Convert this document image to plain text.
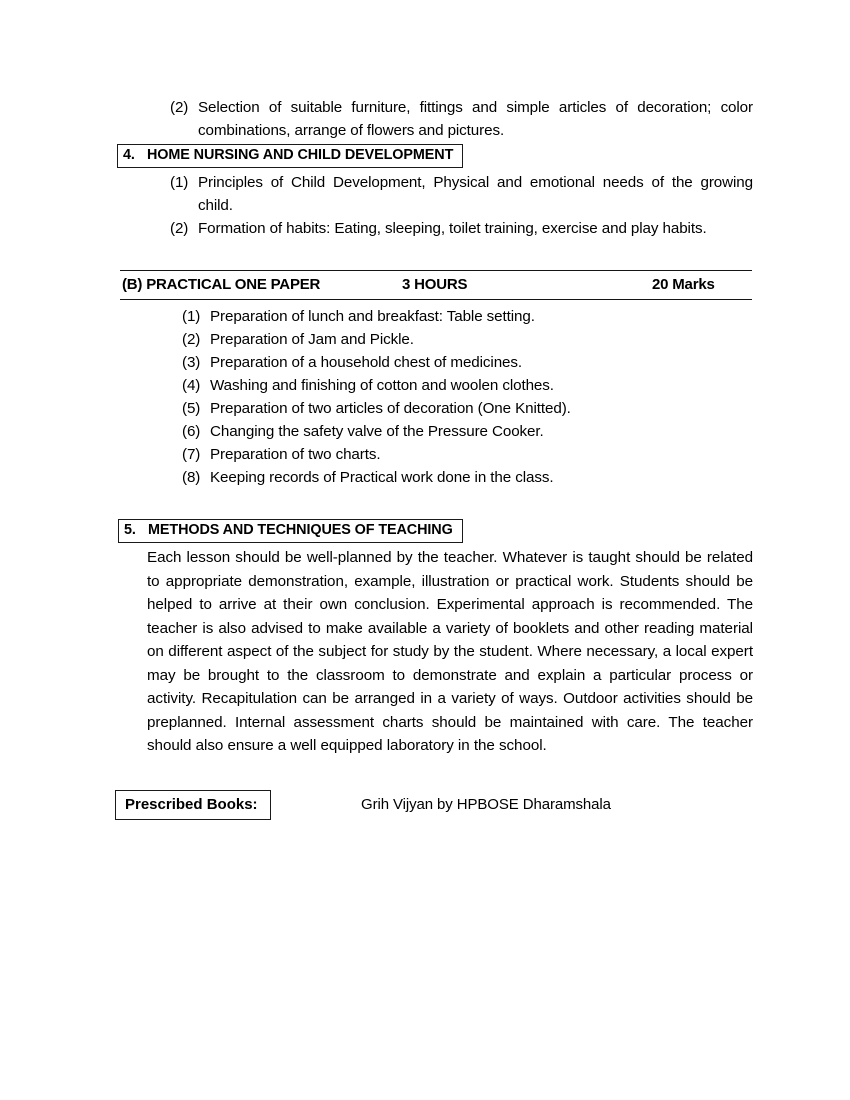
(2) Selection of suitable furniture, fittings and simple articles of decoration; color combinations, arrange of flowers and pictures.
4. HOME NURSING AND CHILD DEVELOPMENT
(1) Principles of Child Development, Physical and emotional needs of the growing child.
(2) Formation of habits: Eating, sleeping, toilet training, exercise and play habits.
(B) PRACTICAL ONE PAPER	3 HOURS	20 Marks
(1) Preparation of lunch and breakfast: Table setting.
(2) Preparation of Jam and Pickle.
(3) Preparation of a household chest of medicines.
(4) Washing and finishing of cotton and woolen clothes.
(5) Preparation of two articles of decoration (One Knitted).
(6) Changing the safety valve of the Pressure Cooker.
(7) Preparation of two charts.
(8) Keeping records of Practical work done in the class.
5. METHODS AND TECHNIQUES OF TEACHING

Each lesson should be well-planned by the teacher. Whatever is taught should be related to appropriate demonstration, example, illustration or practical work. Students should be helped to arrive at their own conclusion. Experimental approach is recommended. The teacher is also advised to make available a variety of booklets and other reading material on different aspect of the subject for study by the student. Where necessary, a local expert may be brought to the classroom to demonstrate and explain a particular process or activity. Recapitulation can be arranged in a variety of ways. Outdoor activities should be preplanned. Internal assessment charts should be maintained with care. The teacher should also ensure a well equipped laboratory in the school.

Prescribed Books:	Grih Vijyan by HPBOSE Dharamshala
